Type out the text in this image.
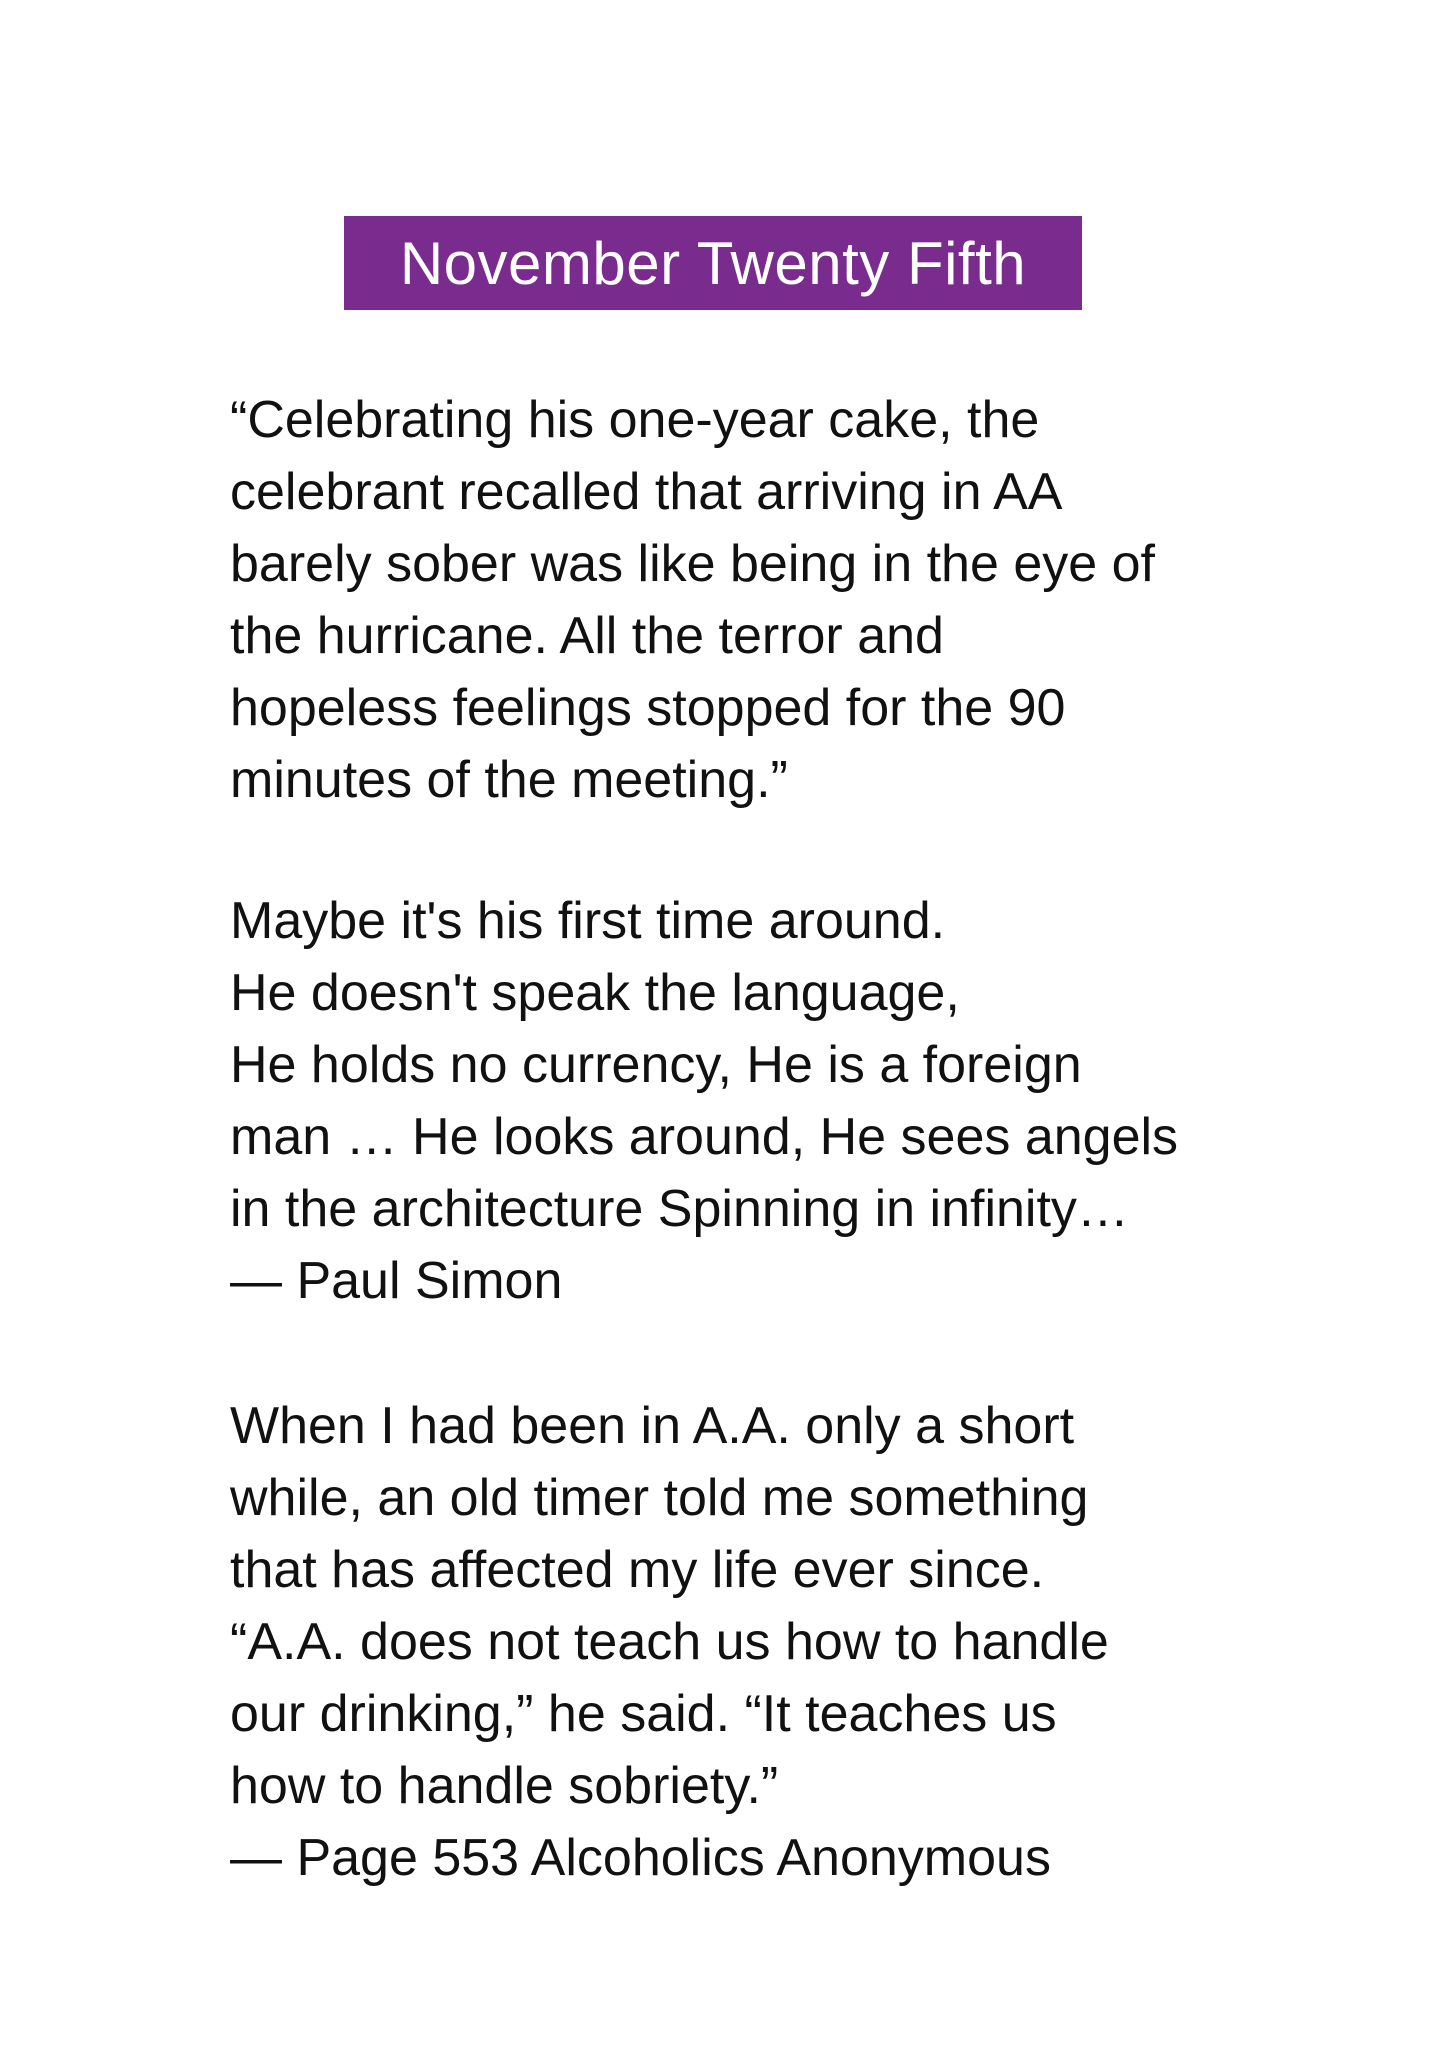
November Twenty Fifth
“Celebrating his one-year cake, the
celebrant recalled that arriving in AA
barely sober was like being in the eye of
the hurricane. All the terror and
hopeless feelings stopped for the 90
minutes of the meeting.”
Maybe it's his first time around.
He doesn't speak the language,
He holds no currency, He is a foreign
man … He looks around, He sees angels
in the architecture Spinning in infinity…
— Paul Simon
When I had been in A.A. only a short
while, an old timer told me something
that has affected my life ever since.
“A.A. does not teach us how to handle
our drinking,” he said. “It teaches us
how to handle sobriety.”
— Page 553 Alcoholics Anonymous
